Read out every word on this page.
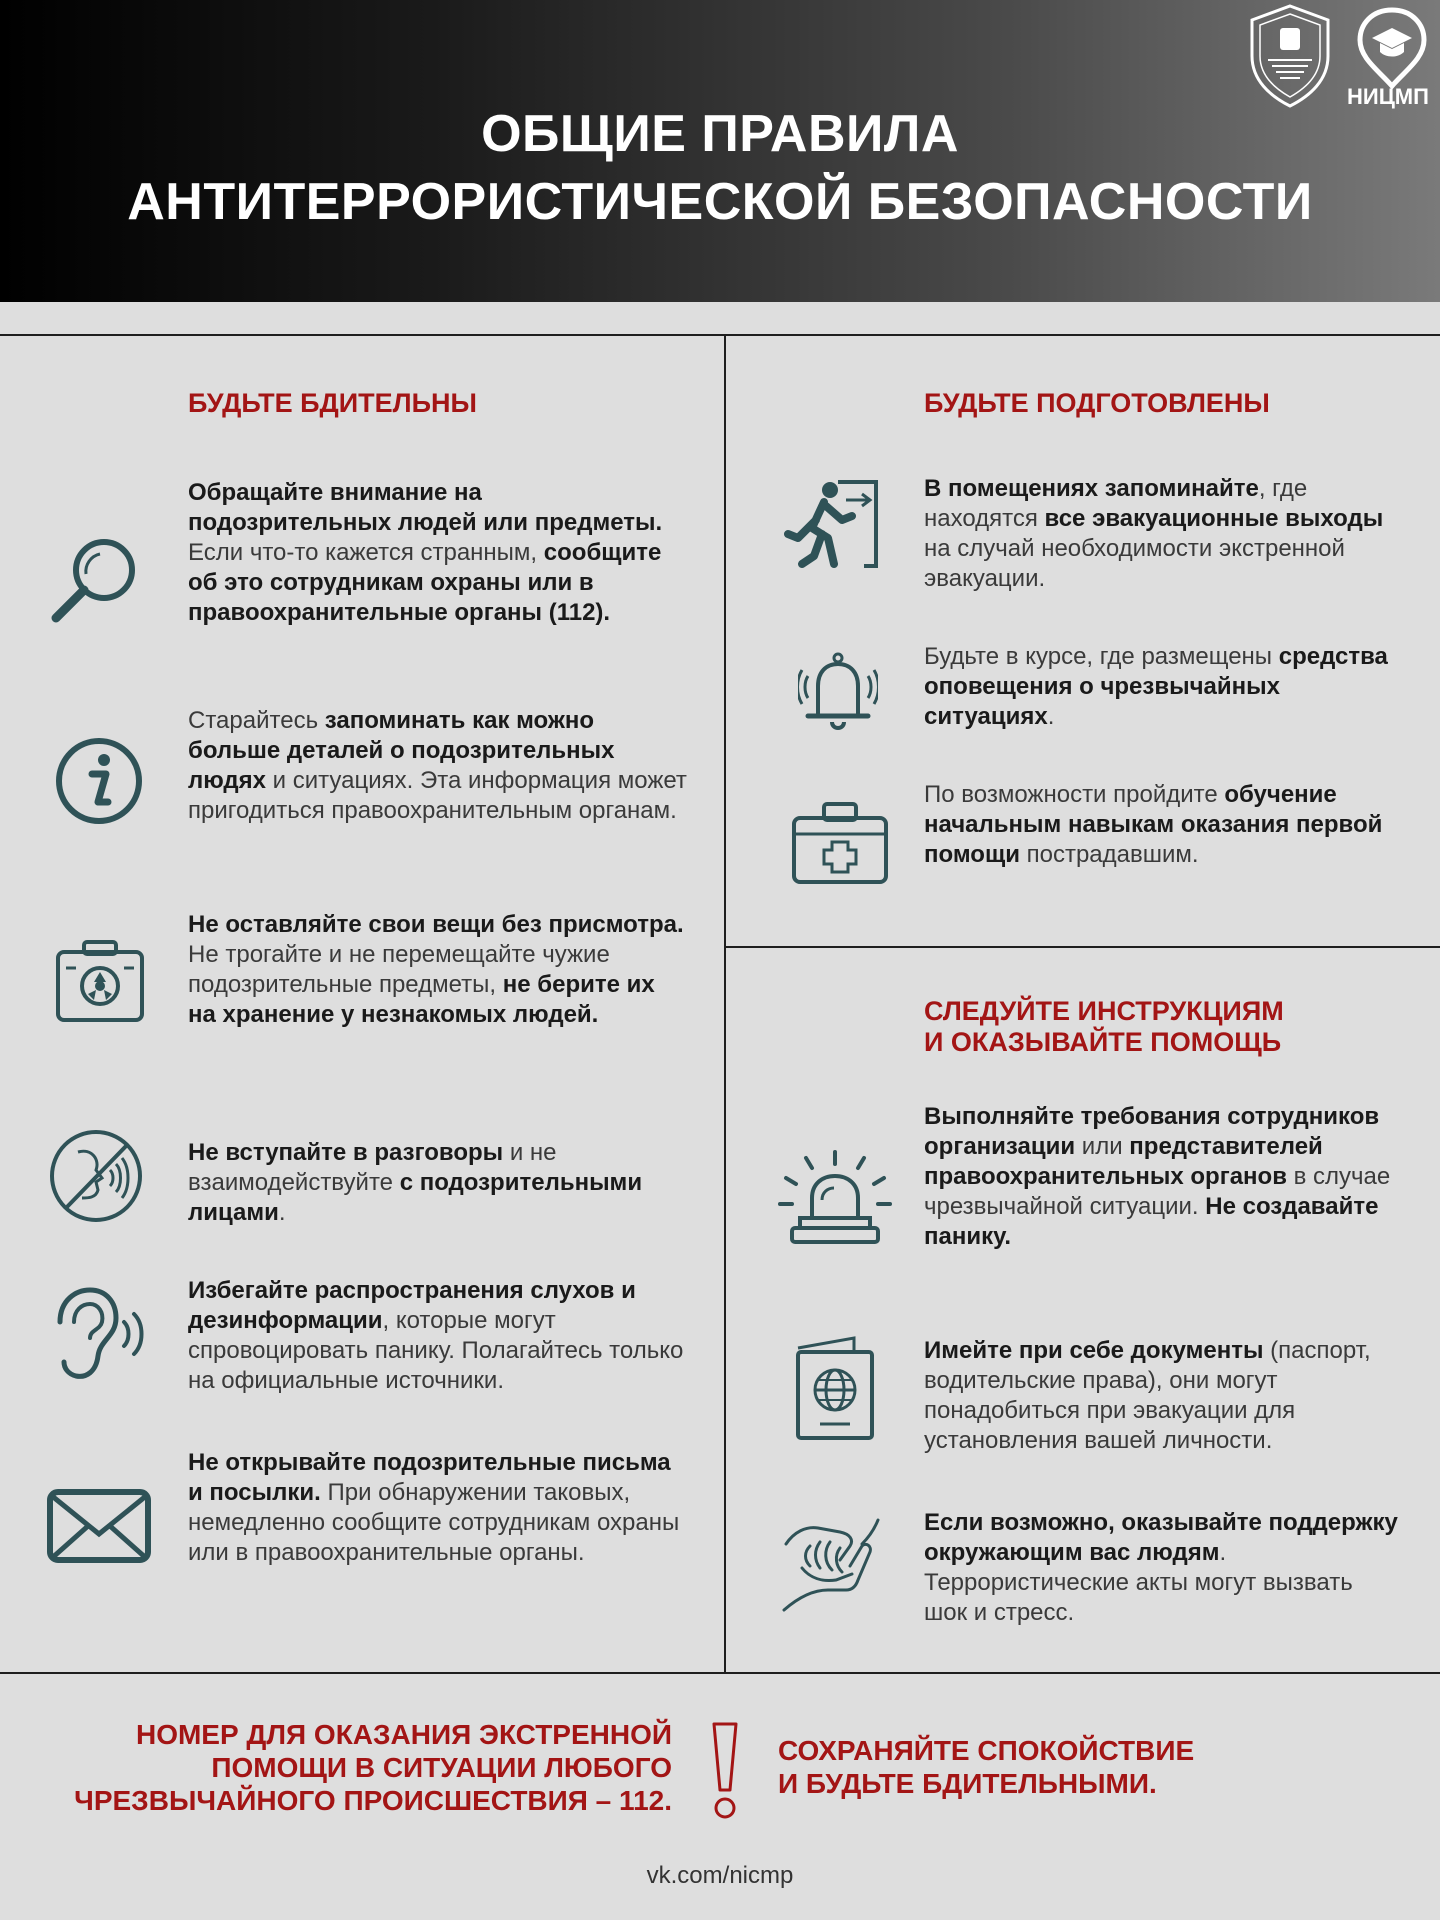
НИЦМП
ОБЩИЕ ПРАВИЛА
АНТИТЕРРОРИСТИЧЕСКОЙ БЕЗОПАСНОСТИ
БУДЬТЕ БДИТЕЛЬНЫ
Обращайте внимание на подозрительных людей или предметы. Если что-то кажется странным, сообщите об это сотрудникам охраны или в правоохранительные органы (112).
Старайтесь запоминать как можно больше деталей о подозрительных людях и ситуациях. Эта информация может пригодиться правоохранительным органам.
Не оставляйте свои вещи без присмотра. Не трогайте и не перемещайте чужие подозрительные предметы, не берите их на хранение у незнакомых людей.
Не вступайте в разговоры и не взаимодействуйте с подозрительными лицами.
Избегайте распространения слухов и дезинформации, которые могут спровоцировать панику. Полагайтесь только на официальные источники.
Не открывайте подозрительные письма и посылки. При обнаружении таковых, немедленно сообщите сотрудникам охраны или в правоохранительные органы.
БУДЬТЕ ПОДГОТОВЛЕНЫ
В помещениях запоминайте, где находятся все эвакуационные выходы на случай необходимости экстренной эвакуации.
Будьте в курсе, где размещены средства оповещения о чрезвычайных ситуациях.
По возможности пройдите обучение начальным навыкам оказания первой помощи пострадавшим.
СЛЕДУЙТЕ ИНСТРУКЦИЯМ
И ОКАЗЫВАЙТЕ ПОМОЩЬ
Выполняйте требования сотрудников организации или представителей правоохранительных органов в случае чрезвычайной ситуации. Не создавайте панику.
Имейте при себе документы (паспорт, водительские права), они могут понадобиться при эвакуации для установления вашей личности.
Если возможно, оказывайте поддержку окружающим вас людям. Террористические акты могут вызвать шок и стресс.
НОМЕР ДЛЯ ОКАЗАНИЯ ЭКСТРЕННОЙ
ПОМОЩИ В СИТУАЦИИ ЛЮБОГО
ЧРЕЗВЫЧАЙНОГО ПРОИСШЕСТВИЯ – 112.
СОХРАНЯЙТЕ СПОКОЙСТВИЕ
И БУДЬТЕ БДИТЕЛЬНЫМИ.
vk.com/nicmp
